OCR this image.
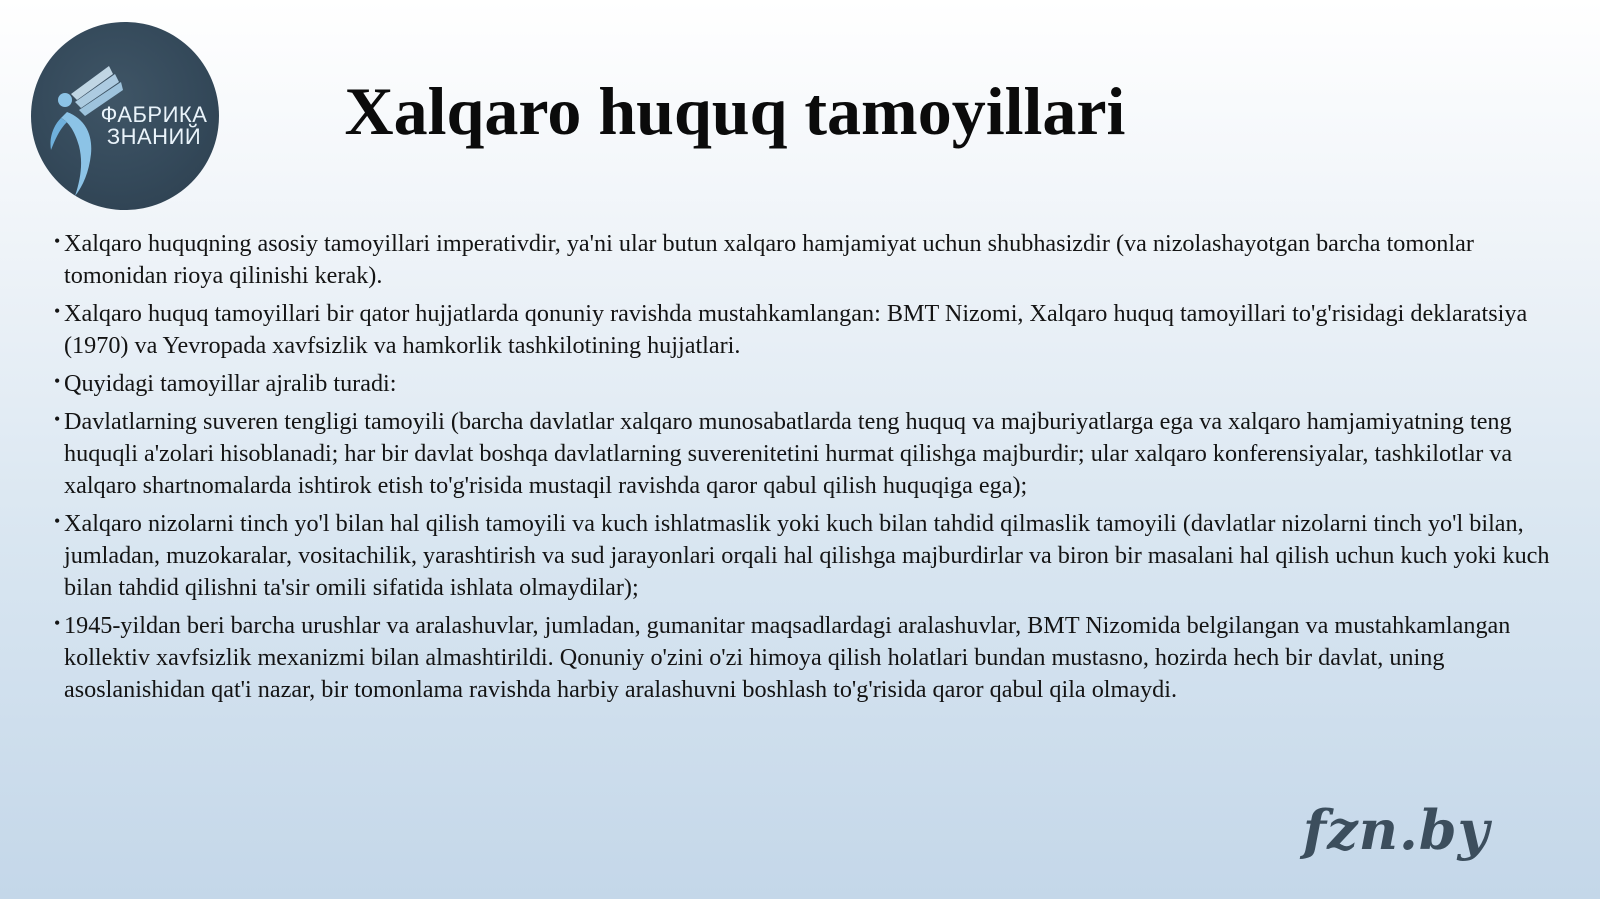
ФАБРИКА
ЗНАНИЙ	Xalqaro huquq tamoyillari
• Xalqaro huquqning asosiy tamoyillari imperativdir, ya'ni ular butun xalqaro hamjamiyat uchun shubhasizdir (va nizolashayotgan barcha tomonlar tomonidan rioya qilinishi kerak).
• Xalqaro huquq tamoyillari bir qator hujjatlarda qonuniy ravishda mustahkamlangan: BMT Nizomi, Xalqaro huquq tamoyillari to'g'risidagi deklaratsiya (1970) va Yevropada xavfsizlik va hamkorlik tashkilotining hujjatlari.
• Quyidagi tamoyillar ajralib turadi:
• Davlatlarning suveren tengligi tamoyili (barcha davlatlar xalqaro munosabatlarda teng huquq va majburiyatlarga ega va xalqaro hamjamiyatning teng huquqli a'zolari hisoblanadi; har bir davlat boshqa davlatlarning suverenitetini hurmat qilishga majburdir; ular xalqaro konferensiyalar, tashkilotlar va xalqaro shartnomalarda ishtirok etish to'g'risida mustaqil ravishda qaror qabul qilish huquqiga ega);
• Xalqaro nizolarni tinch yo'l bilan hal qilish tamoyili va kuch ishlatmaslik yoki kuch bilan tahdid qilmaslik tamoyili (davlatlar nizolarni tinch yo'l bilan, jumladan, muzokaralar, vositachilik, yarashtirish va sud jarayonlari orqali hal qilishga majburdirlar va biron bir masalani hal qilish uchun kuch yoki kuch bilan tahdid qilishni ta'sir omili sifatida ishlata olmaydilar);
• 1945-yildan beri barcha urushlar va aralashuvlar, jumladan, gumanitar maqsadlardagi aralashuvlar, BMT Nizomida belgilangan va mustahkamlangan kollektiv xavfsizlik mexanizmi bilan almashtirildi. Qonuniy o'zini o'zi himoya qilish holatlari bundan mustasno, hozirda hech bir davlat, uning asoslanishidan qat'i nazar, bir tomonlama ravishda harbiy aralashuvni boshlash to'g'risida qaror qabul qila olmaydi.
fzn.by
